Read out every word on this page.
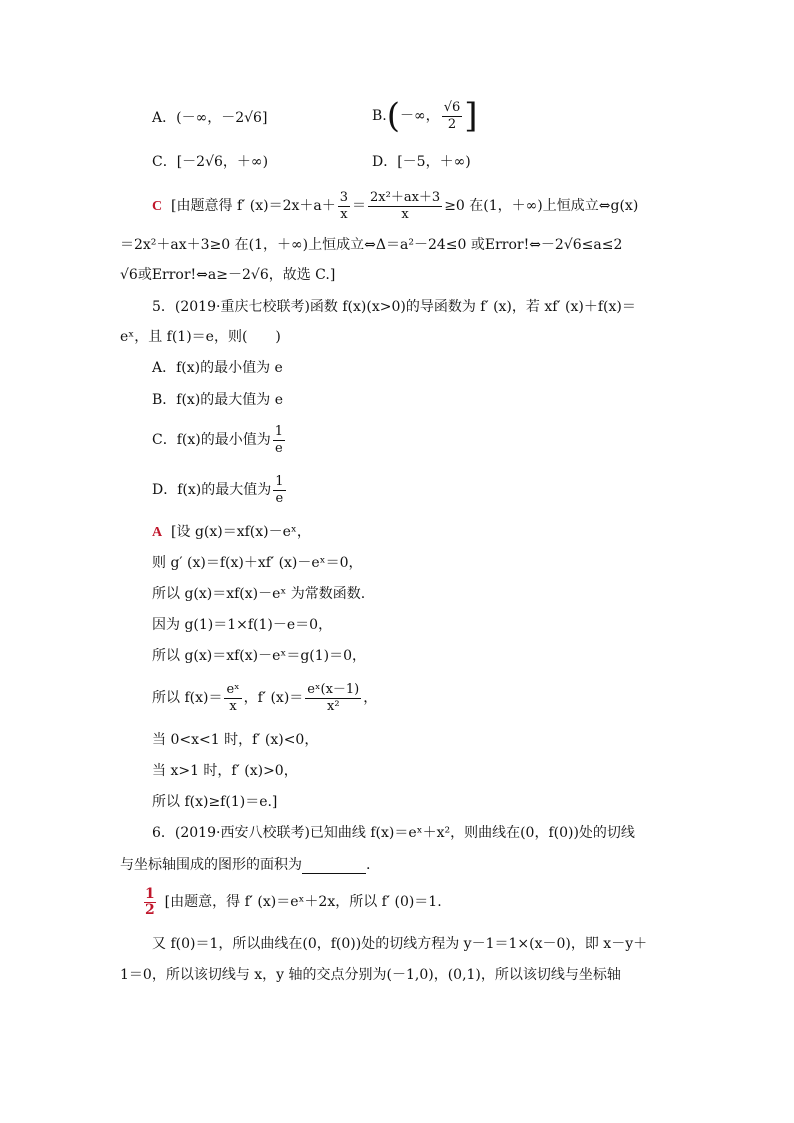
A．(－∞，－2√6]	B.(－∞， $\frac{√6}{2}$ ]
C．[－2√6，＋∞)	D．[－5，＋∞)
C [由题意得 f′ $(x)=2x+a+ \frac{3}{x} = \frac{\text{2x²＋ax＋3}}{x} \ge 0$ 在(1，＋∞)上恒成立⇔g(x)
＝2x²＋ax＋3≥0 在(1，＋∞)上恒成立⇔Δ＝a²－24≤0 或Error!⇔－2√6≤a≤2
√6或Error!⇔a≥－2√6，故选 C.]
5．(2019·重庆七校联考)函数 f(x)(x>0)的导函数为 f′ (x)，若 xf′ (x)＋f(x)＝
eˣ，且 f(1)＝e，则(　　)
A．f(x)的最小值为 e
B．f(x)的最大值为 e
C．f(x)的最小值为 $\frac{1}{e}$
D．f(x)的最大值为 $\frac{1}{e}$
A [设 g(x)＝xf(x)－eˣ，
则 g′ (x)＝f(x)＋xf′ (x)－eˣ＝0，
所以 g(x)＝xf(x)－eˣ 为常数函数.
因为 g(1)＝1×f(1)－e＝0，
所以 g(x)＝xf(x)－eˣ＝g(1)＝0，
所以 $f(x)= \frac{\text{eˣ}}{x}$ ，f′ $(x)= \frac{\text{eˣ(x－1)}}{\text{x²}}$ ，
当 0<x<1 时，f′ (x)<0，
当 x>1 时，f′ (x)>0，
所以 f(x)≥f(1)＝e.]
6．(2019·西安八校联考)已知曲线 f(x)＝eˣ＋x²，则曲线在(0，f(0))处的切线
与坐标轴围成的图形的面积为	.
$\frac{1}{2}$ [由题意，得 f′ (x)＝eˣ＋2x，所以 f′ (0)＝1.
又 f(0)＝1，所以曲线在(0，f(0))处的切线方程为 y－1＝1×(x－0)，即 x－y＋
1＝0，所以该切线与 x，y 轴的交点分别为(－1,0)，(0,1)，所以该切线与坐标轴
